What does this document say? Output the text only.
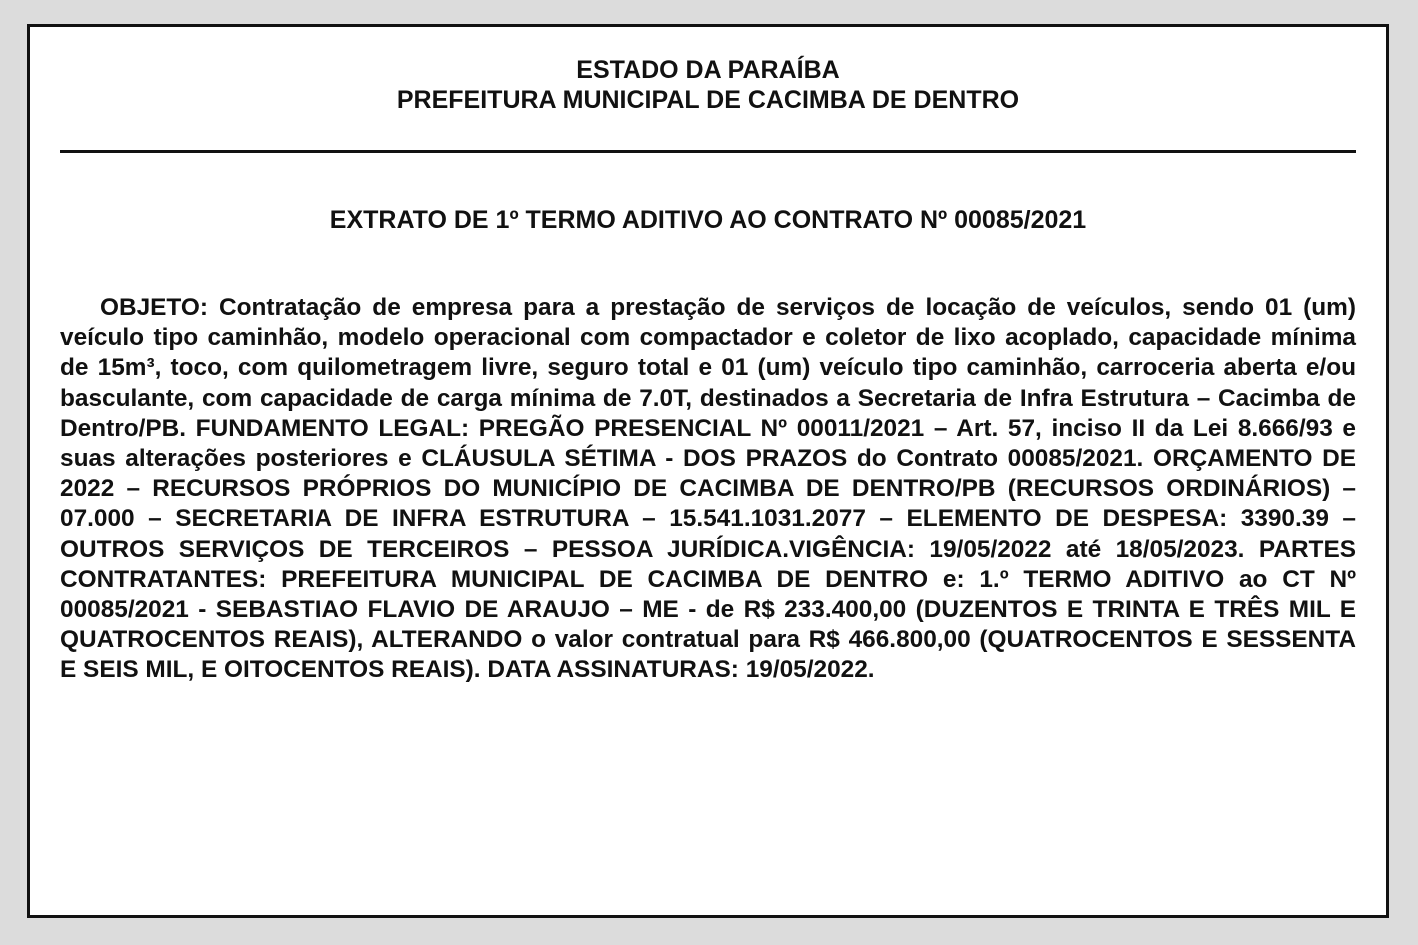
ESTADO DA PARAÍBA
PREFEITURA MUNICIPAL DE CACIMBA DE DENTRO
EXTRATO DE 1º TERMO ADITIVO AO CONTRATO Nº 00085/2021

OBJETO: Contratação de empresa para a prestação de serviços de locação de veículos, sendo 01 (um) veículo tipo caminhão, modelo operacional com compactador e coletor de lixo acoplado, capacidade mínima de 15m³, toco, com quilometragem livre, seguro total e 01 (um) veículo tipo caminhão, carroceria aberta e/ou basculante, com capacidade de carga mínima de 7.0T, destinados a Secretaria de Infra Estrutura – Cacimba de Dentro/PB. FUNDAMENTO LEGAL: PREGÃO PRESENCIAL Nº 00011/2021 – Art. 57, inciso II da Lei 8.666/93 e suas alterações posteriores e CLÁUSULA SÉTIMA - DOS PRAZOS do Contrato 00085/2021. ORÇAMENTO DE 2022 – RECURSOS PRÓPRIOS DO MUNICÍPIO DE CACIMBA DE DENTRO/PB (RECURSOS ORDINÁRIOS) – 07.000 – SECRETARIA DE INFRA ESTRUTURA – 15.541.1031.2077 – ELEMENTO DE DESPESA: 3390.39 – OUTROS SERVIÇOS DE TERCEIROS – PESSOA JURÍDICA.VIGÊNCIA: 19/05/2022 até 18/05/2023. PARTES CONTRATANTES: PREFEITURA MUNICIPAL DE CACIMBA DE DENTRO e: 1.º TERMO ADITIVO ao CT Nº 00085/2021 - SEBASTIAO FLAVIO DE ARAUJO – ME - de R$ 233.400,00 (DUZENTOS E TRINTA E TRÊS MIL E QUATROCENTOS REAIS), ALTERANDO o valor contratual para R$ 466.800,00 (QUATROCENTOS E SESSENTA E SEIS MIL, E OITOCENTOS REAIS). DATA ASSINATURAS: 19/05/2022.
